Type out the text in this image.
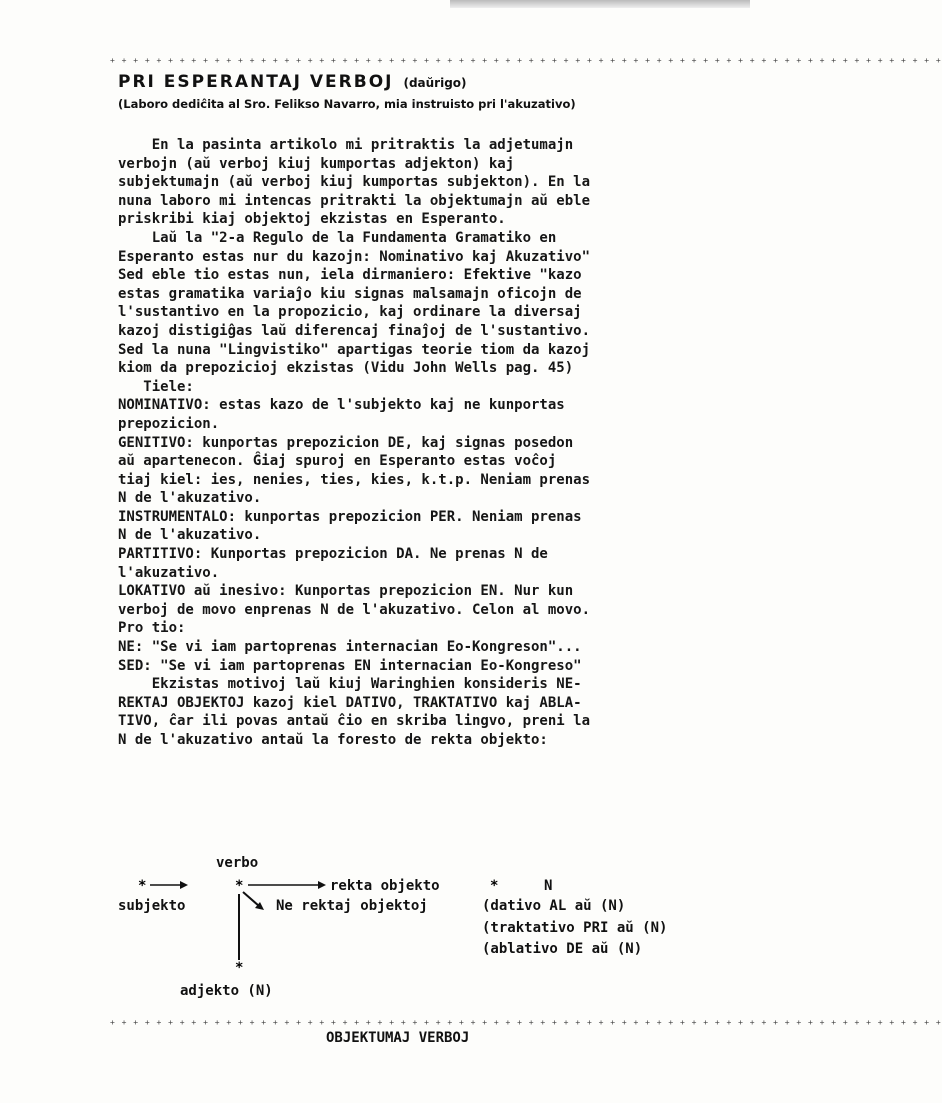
+ + + + + + + + + + + + + + + + + + + + + + + + + + + + + + + + + + + + + + + + + + + + + + + + + + + + + + + + + + + + + + + + + + + + + + + +
PRI ESPERANTAJ VERBOJ (daŭrigo)
(Laboro dediĉita al Sro. Felikso Navarro, mia instruisto pri l'akuzativo)
En la pasinta artikolo mi pritraktis la adjetumajn
verbojn (aŭ verboj kiuj kumportas adjekton) kaj
subjektumajn (aŭ verboj kiuj kumportas subjekton). En la
nuna laboro mi intencas pritrakti la objektumajn aŭ eble
priskribi kiaj objektoj ekzistas en Esperanto.
Laŭ la "2-a Regulo de la Fundamenta Gramatiko en
Esperanto estas nur du kazojn: Nominativo kaj Akuzativo"
Sed eble tio estas nun, iela dirmaniero: Efektive "kazo
estas gramatika variaĵo kiu signas malsamajn oficojn de
l'sustantivo en la propozicio, kaj ordinare la diversaj
kazoj distigiĝas laŭ diferencaj finaĵoj de l'sustantivo.
Sed la nuna "Lingvistiko" apartigas teorie tiom da kazoj
kiom da prepozicioj ekzistas (Vidu John Wells pag. 45)
Tiele:
NOMINATIVO: estas kazo de l'subjekto kaj ne kunportas
prepozicion.
GENITIVO: kunportas prepozicion DE, kaj signas posedon
aŭ apartenecon. Ĝiaj spuroj en Esperanto estas voĉoj
tiaj kiel: ies, nenies, ties, kies, k.t.p. Neniam prenas
N de l'akuzativo.
INSTRUMENTALO: kunportas prepozicion PER. Neniam prenas
N de l'akuzativo.
PARTITIVO: Kunportas prepozicion DA. Ne prenas N de
l'akuzativo.
LOKATIVO aŭ inesivo: Kunportas prepozicion EN. Nur kun
verboj de movo enprenas N de l'akuzativo. Celon al movo.
Pro tio:
NE: "Se vi iam partoprenas internacian Eo-Kongreson"...
SED: "Se vi iam partoprenas EN internacian Eo-Kongreso"
Ekzistas motivoj laŭ kiuj Waringhien konsideris NE-
REKTAJ OBJEKTOJ kazoj kiel DATIVO, TRAKTATIVO kaj ABLA-
TIVO, ĉar ili povas antaŭ ĉio en skriba lingvo, preni la
N de l'akuzativo antaŭ la foresto de rekta objekto:
*	*
*
*
verbo
rekta objekto	N
subjekto	Ne rektaj objektoj	(dativo AL aŭ (N)
(traktativo PRI aŭ (N)
(ablativo DE aŭ (N)
adjekto (N)
+ + + + + + + + + + + + + + + + + + + + + + + + + + + + + + + + + + + + + + + + + + + + + + + + + + + + + + + + + + + + + + + + + + + + + + + +
OBJEKTUMAJ VERBOJ
